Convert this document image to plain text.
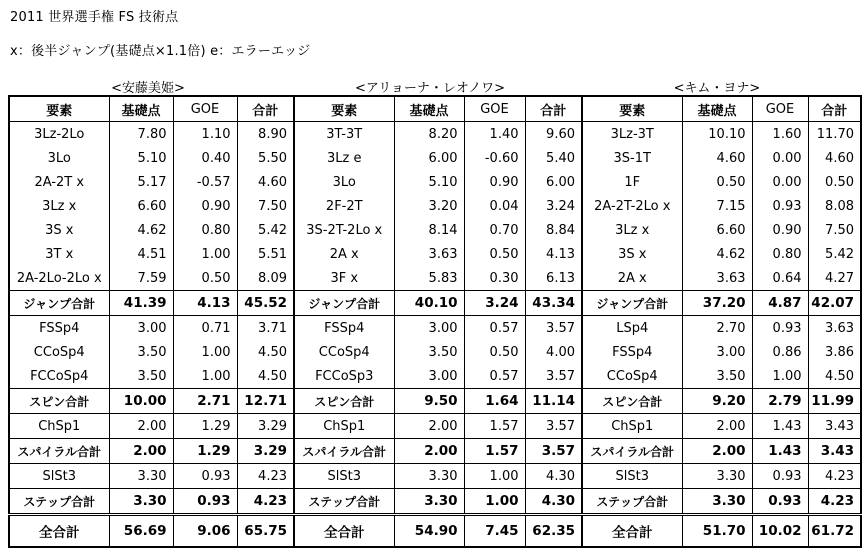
2011 世界選手権 FS 技術点
x：後半ジャンプ(基礎点×1.1倍) e：エラーエッジ
<安藤美姫>	<アリョーナ・レオノワ>	<キム・ヨナ>
要素	基礎点	GOE	合計	要素	基礎点	GOE	合計	要素	基礎点	GOE	合計
3Lz-2Lo	7.80	1.10	8.90	3T-3T	8.20	1.40	9.60	3Lz-3T	10.10	1.60	11.70
3Lo	5.10	0.40	5.50	3Lz e	6.00	-0.60	5.40	3S-1T	4.60	0.00	4.60
2A-2T x	5.17	-0.57	4.60	3Lo	5.10	0.90	6.00	1F	0.50	0.00	0.50
3Lz x	6.60	0.90	7.50	2F-2T	3.20	0.04	3.24	2A-2T-2Lo x	7.15	0.93	8.08
3S x	4.62	0.80	5.42	3S-2T-2Lo x	8.14	0.70	8.84	3Lz x	6.60	0.90	7.50
3T x	4.51	1.00	5.51	2A x	3.63	0.50	4.13	3S x	4.62	0.80	5.42
2A-2Lo-2Lo x	7.59	0.50	8.09	3F x	5.83	0.30	6.13	2A x	3.63	0.64	4.27
ジャンプ合計	41.39	4.13	45.52	ジャンプ合計	40.10	3.24	43.34	ジャンプ合計	37.20	4.87	42.07
FSSp4	3.00	0.71	3.71	FSSp4	3.00	0.57	3.57	LSp4	2.70	0.93	3.63
CCoSp4	3.50	1.00	4.50	CCoSp4	3.50	0.50	4.00	FSSp4	3.00	0.86	3.86
FCCoSp4	3.50	1.00	4.50	FCCoSp3	3.00	0.57	3.57	CCoSp4	3.50	1.00	4.50
スピン合計	10.00	2.71	12.71	スピン合計	9.50	1.64	11.14	スピン合計	9.20	2.79	11.99
ChSp1	2.00	1.29	3.29	ChSp1	2.00	1.57	3.57	ChSp1	2.00	1.43	3.43
スパイラル合計	2.00	1.29	3.29	スパイラル合計	2.00	1.57	3.57	スパイラル合計	2.00	1.43	3.43
SlSt3	3.30	0.93	4.23	SlSt3	3.30	1.00	4.30	SlSt3	3.30	0.93	4.23
ステップ合計	3.30	0.93	4.23	ステップ合計	3.30	1.00	4.30	ステップ合計	3.30	0.93	4.23
全合計	56.69	9.06	65.75	全合計	54.90	7.45	62.35	全合計	51.70	10.02	61.72
